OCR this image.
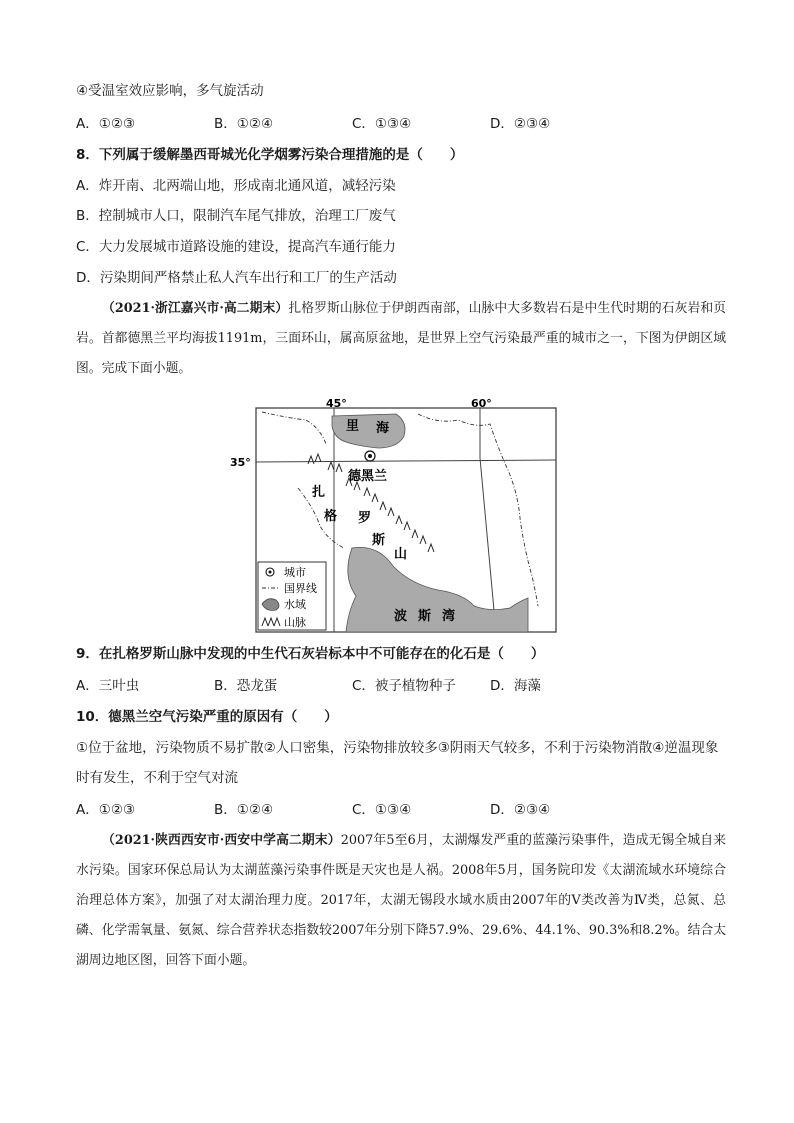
④受温室效应影响，多气旋活动
A．①②③	B．①②④	C．①③④	D．②③④
8．下列属于缓解墨西哥城光化学烟雾污染合理措施的是（　　）
A．炸开南、北两端山地，形成南北通风道，减轻污染
B．控制城市人口，限制汽车尾气排放，治理工厂废气
C．大力发展城市道路设施的建设，提高汽车通行能力
D．污染期间严格禁止私人汽车出行和工厂的生产活动
（2021·浙江嘉兴市·高二期末）扎格罗斯山脉位于伊朗西南部，山脉中大多数岩石是中生代时期的石灰岩和页岩。首都德黑兰平均海拔1191m，三面环山，属高原盆地，是世界上空气污染最严重的城市之一，下图为伊朗区域图。完成下面小题。
45°	60°
35°
里 海
德黑兰
扎
格 罗
斯
山
波 斯 湾
城市
国界线
水域
山脉
9．在扎格罗斯山脉中发现的中生代石灰岩标本中不可能存在的化石是（　　）
A．三叶虫	B．恐龙蛋	C．被子植物种子	D．海藻
10．德黑兰空气污染严重的原因有（　　）
①位于盆地，污染物质不易扩散②人口密集，污染物排放较多③阴雨天气较多，不利于污染物消散④逆温现象时有发生，不利于空气对流
A．①②③	B．①②④	C．①③④	D．②③④
（2021·陕西西安市·西安中学高二期末）2007年5至6月，太湖爆发严重的蓝藻污染事件，造成无锡全城自来水污染。国家环保总局认为太湖蓝藻污染事件既是天灾也是人祸。2008年5月，国务院印发《太湖流域水环境综合治理总体方案》，加强了对太湖治理力度。2017年，太湖无锡段水域水质由2007年的Ⅴ类改善为Ⅳ类，总氮、总磷、化学需氧量、氨氮、综合营养状态指数较2007年分别下降57.9%、29.6%、44.1%、90.3%和8.2%。结合太湖周边地区图，回答下面小题。
